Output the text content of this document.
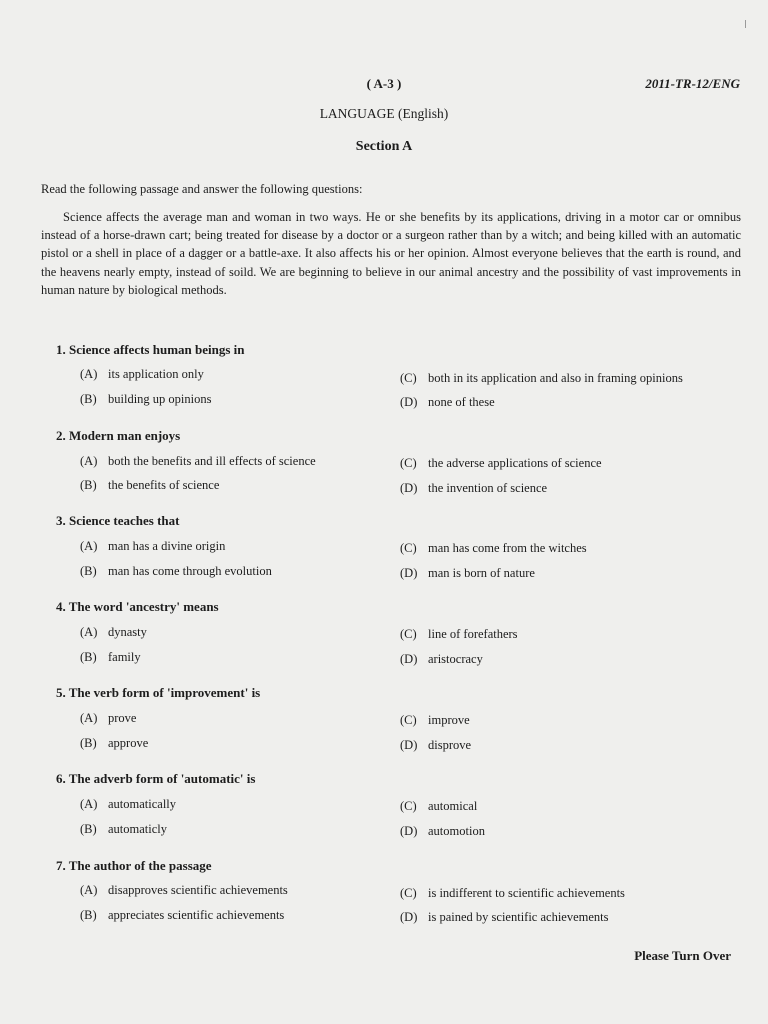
( A-3 )	2011-TR-12/ENG
LANGUAGE (English)
Section A
Read the following passage and answer the following questions:
Science affects the average man and woman in two ways. He or she benefits by its applications, driving in a motor car or omnibus instead of a horse-drawn cart; being treated for disease by a doctor or a surgeon rather than by a witch; and being killed with an automatic pistol or a shell in place of a dagger or a battle-axe. It also affects his or her opinion. Almost everyone believes that the earth is round, and the heavens nearly empty, instead of soild. We are beginning to believe in our animal ancestry and the possibility of vast improvements in human nature by biological methods.
1. Science affects human beings in
(A) its application only
(B) building up opinions
(C) both in its application and also in framing opinions
(D) none of these
2. Modern man enjoys
(A) both the benefits and ill effects of science
(B) the benefits of science
(C) the adverse applications of science
(D) the invention of science
3. Science teaches that
(A) man has a divine origin
(B) man has come through evolution
(C) man has come from the witches
(D) man is born of nature
4. The word 'ancestry' means
(A) dynasty
(B) family
(C) line of forefathers
(D) aristocracy
5. The verb form of 'improvement' is
(A) prove
(B) approve
(C) improve
(D) disprove
6. The adverb form of 'automatic' is
(A) automatically
(B) automaticly
(C) automical
(D) automotion
7. The author of the passage
(A) disapproves scientific achievements
(B) appreciates scientific achievements
(C) is indifferent to scientific achievements
(D) is pained by scientific achievements
Please Turn Over
